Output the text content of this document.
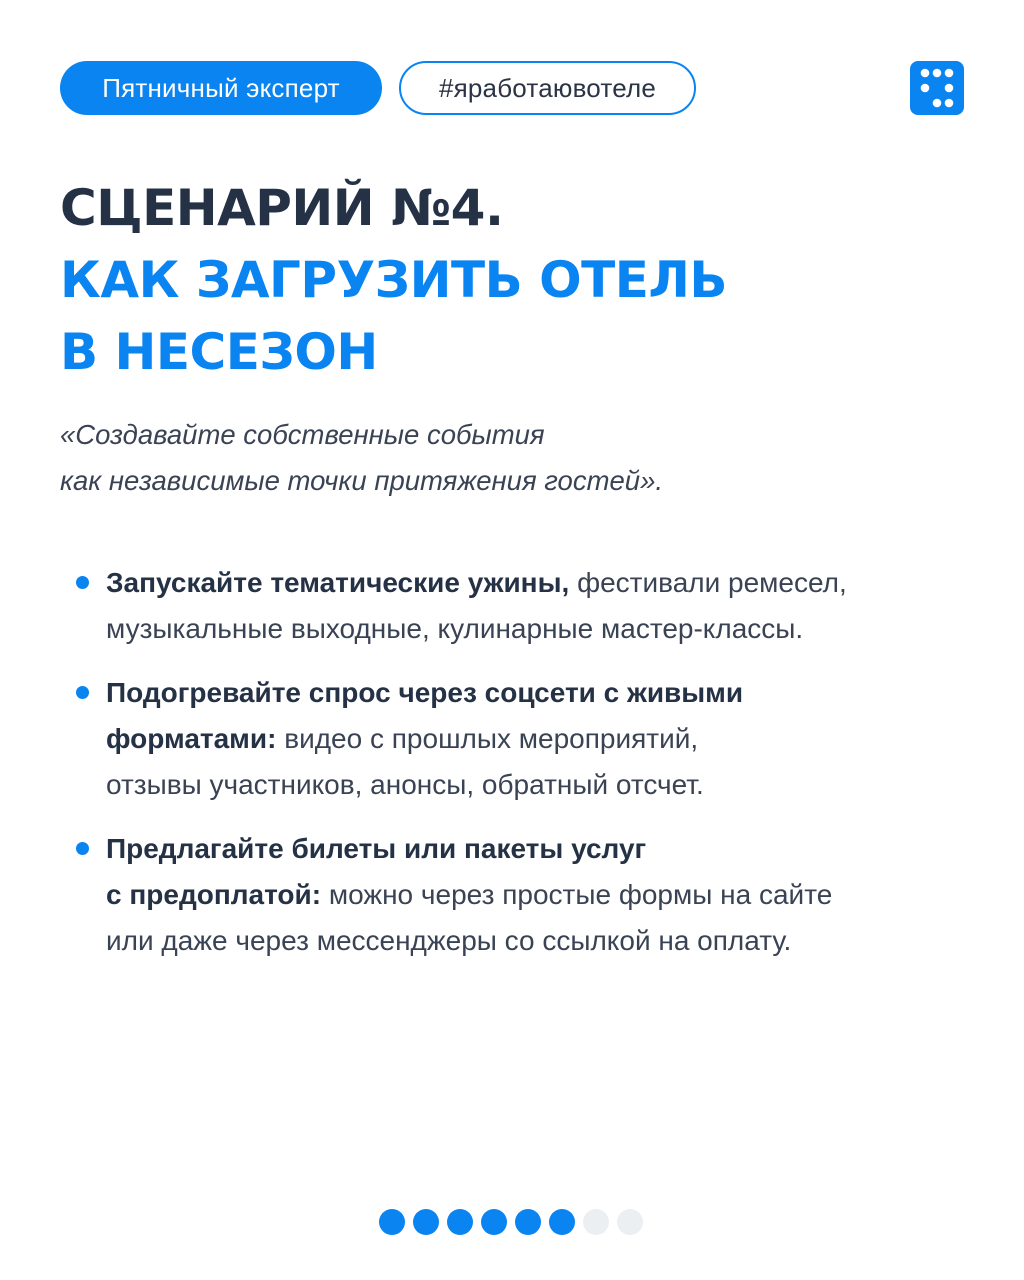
Пятничный эксперт	#яработаювотеле
СЦЕНАРИЙ №4.
КАК ЗАГРУЗИТЬ ОТЕЛЬ
В НЕСЕЗОН
«Создавайте собственные события
как независимые точки притяжения гостей».
Запускайте тематические ужины, фестивали ремесел,
музыкальные выходные, кулинарные мастер-классы.
Подогревайте спрос через соцсети с живыми
форматами: видео с прошлых мероприятий,
отзывы участников, анонсы, обратный отсчет.
Предлагайте билеты или пакеты услуг
с предоплатой: можно через простые формы на сайте
или даже через мессенджеры со ссылкой на оплату.
